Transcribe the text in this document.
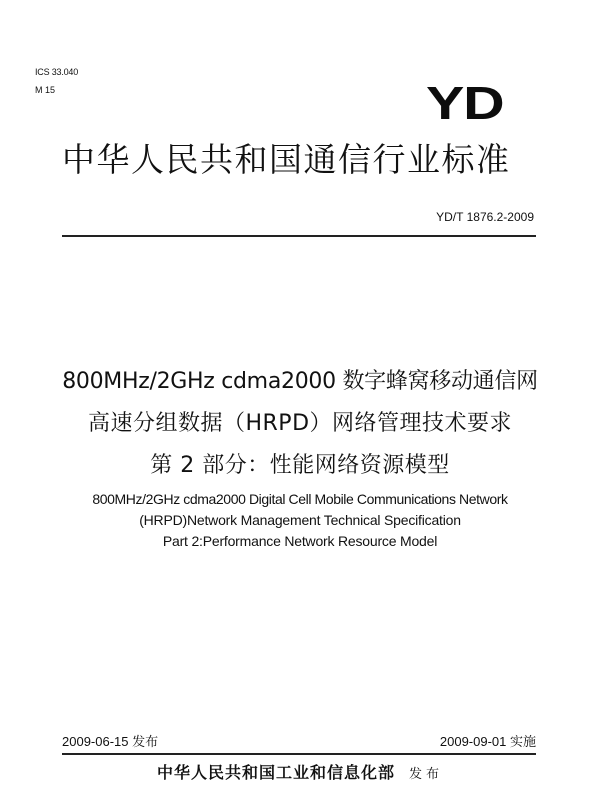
ICS 33.040
M 15	YD
中华人民共和国通信行业标准
YD/T 1876.2-2009
800MHz/2GHz cdma2000 数字蜂窝移动通信网
高速分组数据（HRPD）网络管理技术要求
第 2 部分：性能网络资源模型
800MHz/2GHz cdma2000 Digital Cell Mobile Communications Network
(HRPD)Network Management Technical Specification
Part 2:Performance Network Resource Model
2009-06-15 发布	2009-09-01 实施
中华人民共和国工业和信息化部 发布
